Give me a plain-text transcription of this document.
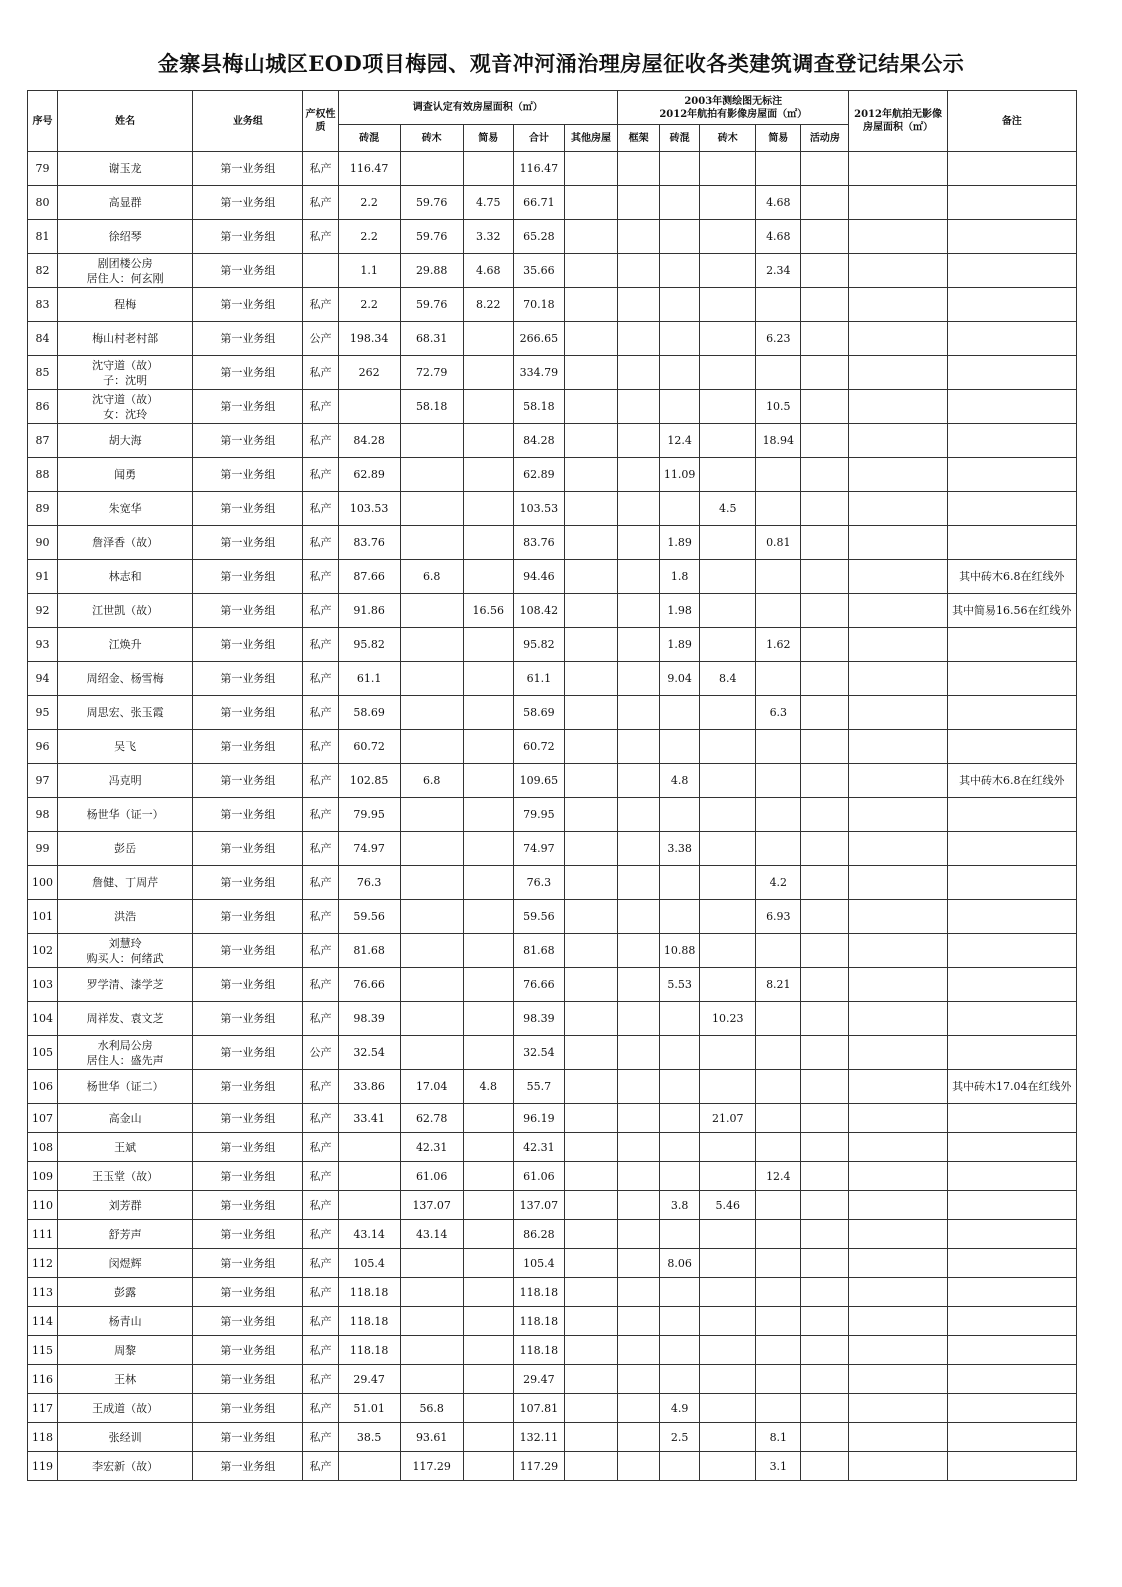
金寨县梅山城区EOD项目梅园、观音冲河涌治理房屋征收各类建筑调查登记结果公示
序号	姓名	业务组	产权性质	调查认定有效房屋面积（㎡）					2003年测绘图无标注
2012年航拍有影像房屋面（㎡）					2012年航拍无影像房屋面积（㎡）	备注
				砖混	砖木	简易	合计	其他房屋	框架	砖混	砖木	简易	活动房		
79	谢玉龙	第一业务组	私产	116.47			116.47								
80	高显群	第一业务组	私产	2.2	59.76	4.75	66.71					4.68			
81	徐绍琴	第一业务组	私产	2.2	59.76	3.32	65.28					4.68			
82	剧团楼公房
居住人：何玄刚	第一业务组		1.1	29.88	4.68	35.66					2.34			
83	程梅	第一业务组	私产	2.2	59.76	8.22	70.18								
84	梅山村老村部	第一业务组	公产	198.34	68.31		266.65					6.23			
85	沈守道（故）
子：沈明	第一业务组	私产	262	72.79		334.79								
86	沈守道（故）
女：沈玲	第一业务组	私产		58.18		58.18					10.5			
87	胡大海	第一业务组	私产	84.28			84.28			12.4		18.94			
88	闻勇	第一业务组	私产	62.89			62.89			11.09					
89	朱宽华	第一业务组	私产	103.53			103.53				4.5				
90	詹泽香（故）	第一业务组	私产	83.76			83.76			1.89		0.81			
91	林志和	第一业务组	私产	87.66	6.8		94.46			1.8					其中砖木6.8在红线外
92	江世凯（故）	第一业务组	私产	91.86		16.56	108.42			1.98					其中简易16.56在红线外
93	江焕升	第一业务组	私产	95.82			95.82			1.89		1.62			
94	周绍金、杨雪梅	第一业务组	私产	61.1			61.1			9.04	8.4				
95	周思宏、张玉霞	第一业务组	私产	58.69			58.69					6.3			
96	吴飞	第一业务组	私产	60.72			60.72								
97	冯克明	第一业务组	私产	102.85	6.8		109.65			4.8					其中砖木6.8在红线外
98	杨世华（证一）	第一业务组	私产	79.95			79.95								
99	彭岳	第一业务组	私产	74.97			74.97			3.38					
100	詹健、丁周芹	第一业务组	私产	76.3			76.3					4.2			
101	洪浩	第一业务组	私产	59.56			59.56					6.93			
102	刘慧玲
购买人：何绪武	第一业务组	私产	81.68			81.68			10.88					
103	罗学清、漆学芝	第一业务组	私产	76.66			76.66			5.53		8.21			
104	周祥发、袁文芝	第一业务组	私产	98.39			98.39				10.23				
105	水利局公房
居住人：盛先声	第一业务组	公产	32.54			32.54								
106	杨世华（证二）	第一业务组	私产	33.86	17.04	4.8	55.7								其中砖木17.04在红线外
107	高金山	第一业务组	私产	33.41	62.78		96.19				21.07				
108	王斌	第一业务组	私产		42.31		42.31								
109	王玉堂（故）	第一业务组	私产		61.06		61.06					12.4			
110	刘芳群	第一业务组	私产		137.07		137.07			3.8	5.46				
111	舒芳声	第一业务组	私产	43.14	43.14		86.28								
112	闵煜辉	第一业务组	私产	105.4			105.4			8.06					
113	彭露	第一业务组	私产	118.18			118.18								
114	杨青山	第一业务组	私产	118.18			118.18								
115	周黎	第一业务组	私产	118.18			118.18								
116	王林	第一业务组	私产	29.47			29.47								
117	王成道（故）	第一业务组	私产	51.01	56.8		107.81			4.9					
118	张经训	第一业务组	私产	38.5	93.61		132.11			2.5		8.1			
119	李宏新（故）	第一业务组	私产		117.29		117.29					3.1			
